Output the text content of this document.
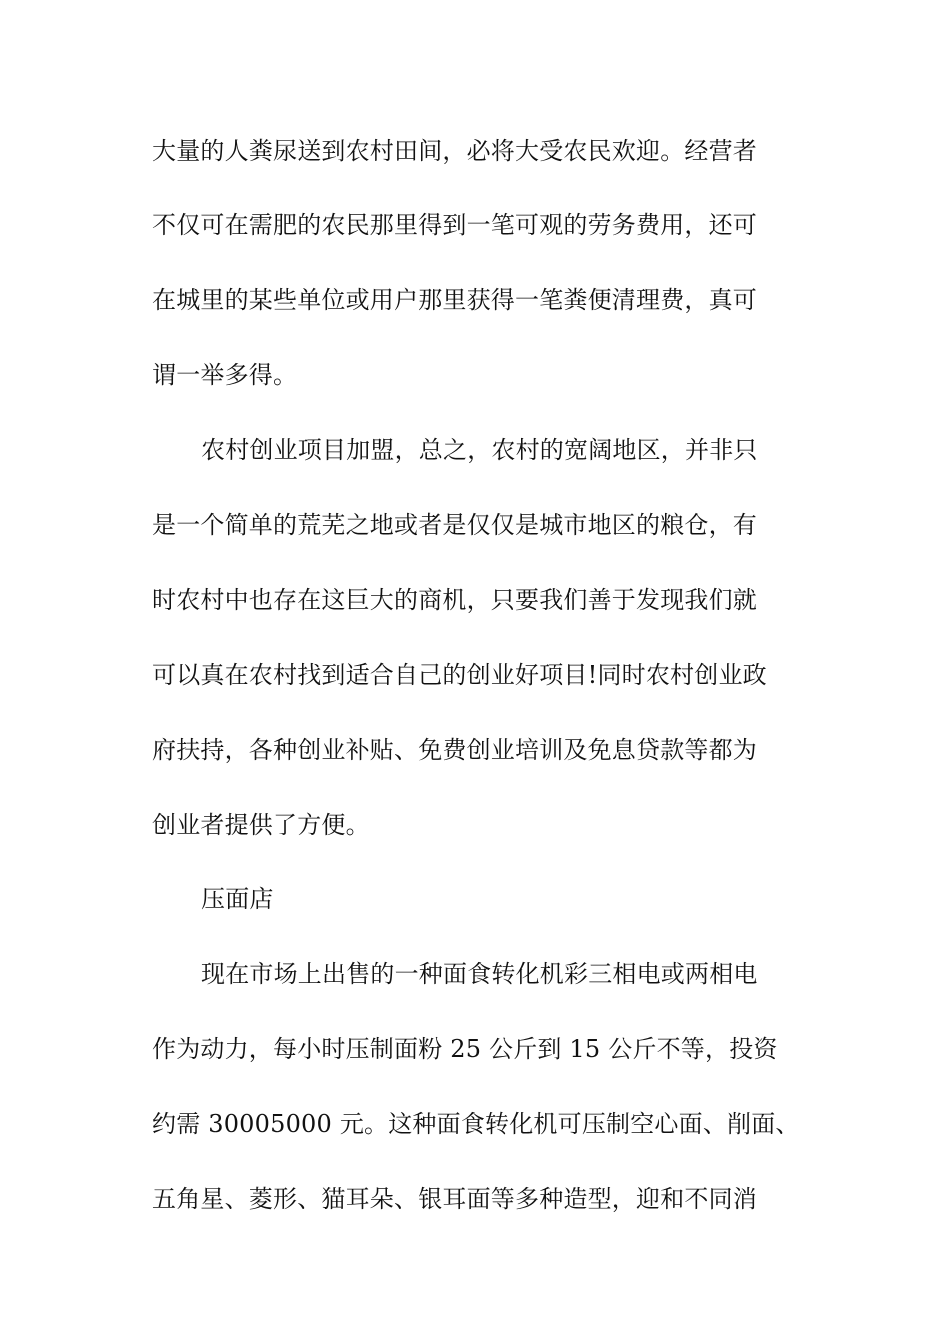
大量的人粪尿送到农村田间，必将大受农民欢迎。经营者
不仅可在需肥的农民那里得到一笔可观的劳务费用，还可
在城里的某些单位或用户那里获得一笔粪便清理费，真可
谓一举多得。
农村创业项目加盟，总之，农村的宽阔地区，并非只
是一个简单的荒芜之地或者是仅仅是城市地区的粮仓，有
时农村中也存在这巨大的商机，只要我们善于发现我们就
可以真在农村找到适合自己的创业好项目!同时农村创业政
府扶持，各种创业补贴、免费创业培训及免息贷款等都为
创业者提供了方便。
压面店
现在市场上出售的一种面食转化机彩三相电或两相电
作为动力，每小时压制面粉 25 公斤到 15 公斤不等，投资
约需 30005000 元。这种面食转化机可压制空心面、削面、
五角星、菱形、猫耳朵、银耳面等多种造型，迎和不同消
